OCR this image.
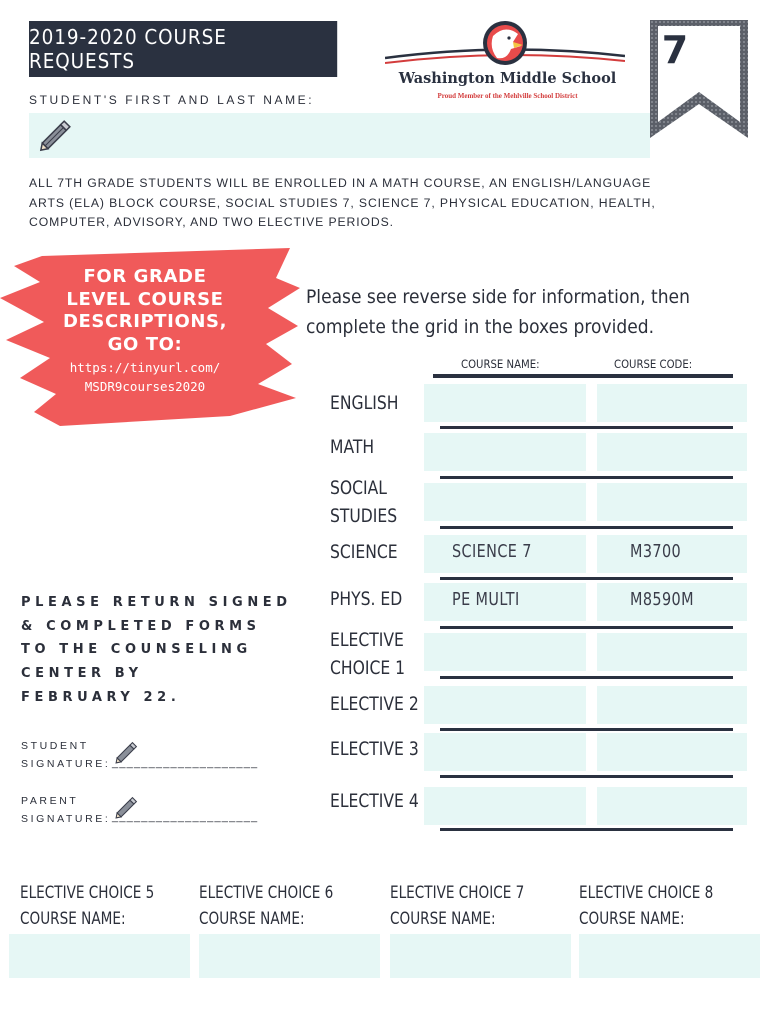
2019-2020 COURSE REQUESTS
STUDENT'S FIRST AND LAST NAME:
Washington Middle School
Proud Member of the Mehlville School District
7
ALL 7TH GRADE STUDENTS WILL BE ENROLLED IN A MATH COURSE, AN ENGLISH/LANGUAGE ARTS (ELA) BLOCK COURSE, SOCIAL STUDIES 7, SCIENCE 7, PHYSICAL EDUCATION, HEALTH, COMPUTER, ADVISORY, AND TWO ELECTIVE PERIODS.
FOR GRADE
LEVEL COURSE
DESCRIPTIONS,
GO TO:
https://tinyurl.com/
MSDR9courses2020
Please see reverse side for information, then
complete the grid in the boxes provided.
COURSE NAME:	COURSE CODE:
ENGLISH
MATH
SOCIAL
STUDIES
SCIENCE	SCIENCE 7	M3700
PHYS. ED	PE MULTI	M8590M
ELECTIVE
CHOICE 1
ELECTIVE 2
ELECTIVE 3
ELECTIVE 4
PLEASE RETURN SIGNED
& COMPLETED FORMS
TO THE COUNSELING
CENTER BY
FEBRUARY 22.
STUDENT
SIGNATURE: ____________________
PARENT
SIGNATURE: ____________________
ELECTIVE CHOICE 5
COURSE NAME:
ELECTIVE CHOICE 6
COURSE NAME:
ELECTIVE CHOICE 7
COURSE NAME:
ELECTIVE CHOICE 8
COURSE NAME:
